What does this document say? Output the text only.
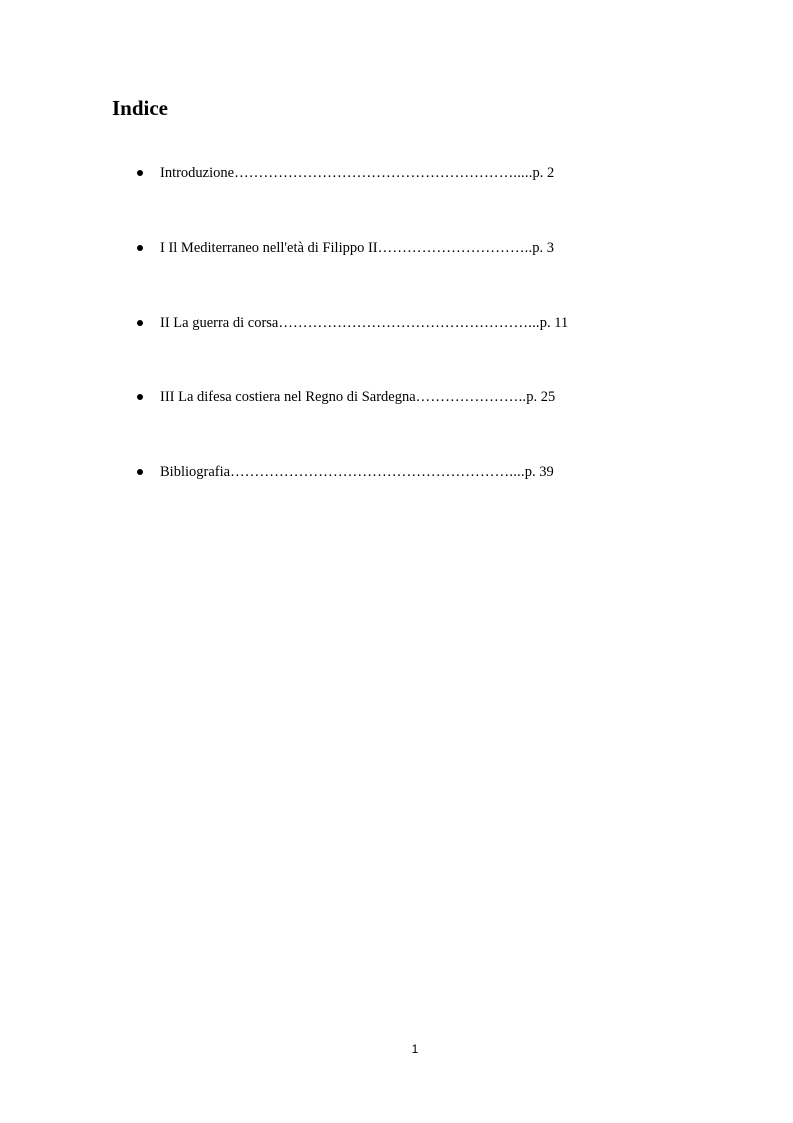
Indice
Introduzione………………………………………………….....p. 2
I Il Mediterraneo nell'età di Filippo II…………………………..p. 3
II La guerra di corsa……………………………………………...p. 11
III La difesa costiera nel Regno di Sardegna…………………..p. 25
Bibliografia…………………………………………………....p. 39
1
